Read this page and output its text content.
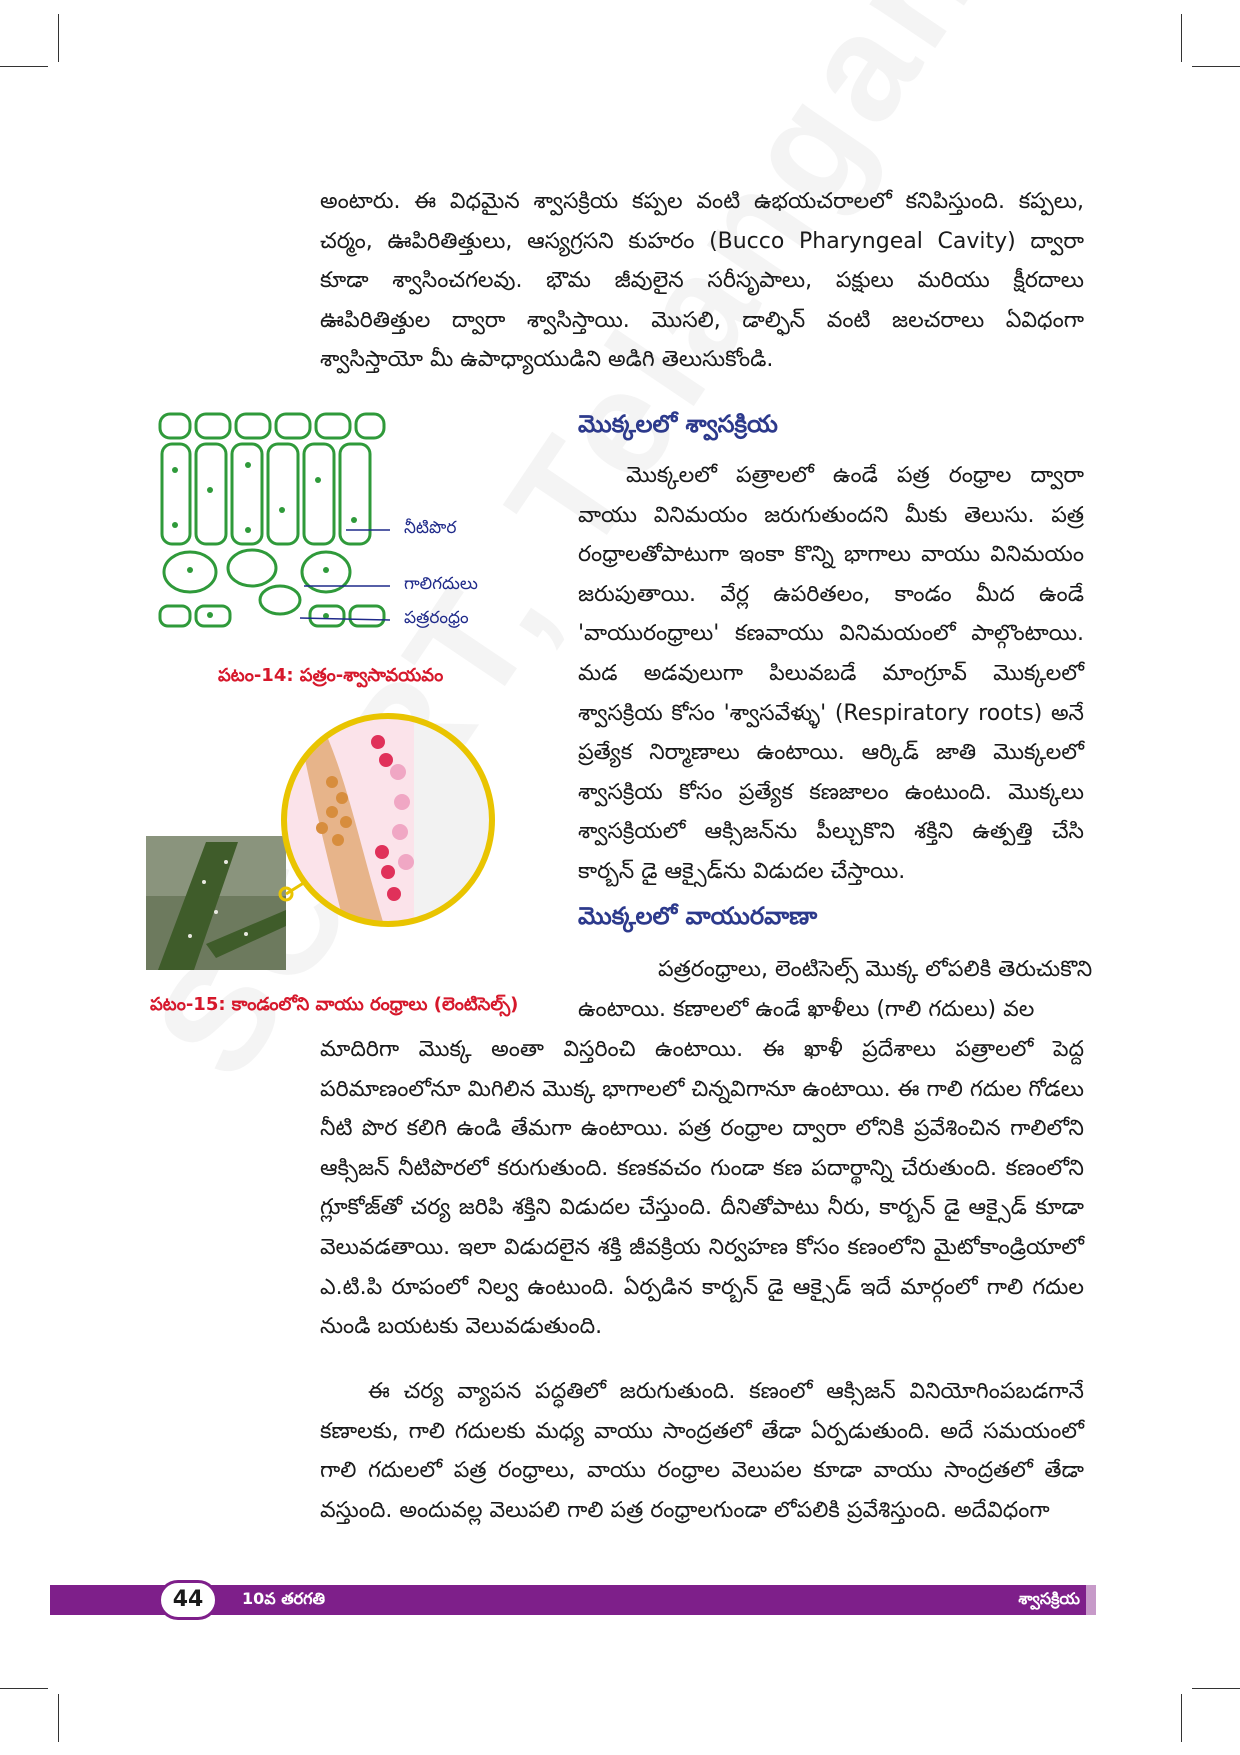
అంటారు. ఈ విధమైన శ్వాసక్రియ కప్పల వంటి ఉభయచరాలలో కనిపిస్తుంది. కప్పలు, చర్మం, ఊపిరితిత్తులు, ఆస్యగ్రసని కుహరం (Bucco Pharyngeal Cavity) ద్వారా కూడా శ్వాసించగలవు. భౌమ జీవులైన సరీసృపాలు, పక్షులు మరియు క్షీరదాలు ఊపిరితిత్తుల ద్వారా శ్వాసిస్తాయి. మొసలి, డాల్ఫిన్ వంటి జలచరాలు ఏవిధంగా శ్వాసిస్తాయో మీ ఉపాధ్యాయుడిని అడిగి తెలుసుకోండి.

నీటిపొర
గాలిగదులు
పత్రరంధ్రం
పటం-14: పత్రం-శ్వాసావయవం
పటం-15: కాండంలోని వాయు రంధ్రాలు (లెంటిసెల్స్)
మొక్కలలో శ్వాసక్రియ

మొక్కలలో పత్రాలలో ఉండే పత్ర రంధ్రాల ద్వారా వాయు వినిమయం జరుగుతుందని మీకు తెలుసు. పత్ర రంధ్రాలతోపాటుగా ఇంకా కొన్ని భాగాలు వాయు వినిమయం జరుపుతాయి. వేర్ల ఉపరితలం, కాండం మీద ఉండే 'వాయురంధ్రాలు' కణవాయు వినిమయంలో పాల్గొంటాయి. మడ అడవులుగా పిలువబడే మాంగ్రూవ్ మొక్కలలో శ్వాసక్రియ కోసం 'శ్వాసవేళ్ళు' (Respiratory roots) అనే ప్రత్యేక నిర్మాణాలు ఉంటాయి. ఆర్కిడ్ జాతి మొక్కలలో శ్వాసక్రియ కోసం ప్రత్యేక కణజాలం ఉంటుంది. మొక్కలు శ్వాసక్రియలో ఆక్సిజన్‌ను పీల్చుకొని శక్తిని ఉత్పత్తి చేసి కార్బన్ డై ఆక్సైడ్‌ను విడుదల చేస్తాయి.

మొక్కలలో వాయురవాణా
పత్రరంధ్రాలు, లెంటిసెల్స్ మొక్క లోపలికి తెరుచుకొని
ఉంటాయి. కణాలలో ఉండే ఖాళీలు (గాలి గదులు) వల

మాదిరిగా మొక్క అంతా విస్తరించి ఉంటాయి. ఈ ఖాళీ ప్రదేశాలు పత్రాలలో పెద్ద పరిమాణంలోనూ మిగిలిన మొక్క భాగాలలో చిన్నవిగానూ ఉంటాయి. ఈ గాలి గదుల గోడలు నీటి పొర కలిగి ఉండి తేమగా ఉంటాయి. పత్ర రంధ్రాల ద్వారా లోనికి ప్రవేశించిన గాలిలోని ఆక్సిజన్ నీటిపొరలో కరుగుతుంది. కణకవచం గుండా కణ పదార్థాన్ని చేరుతుంది. కణంలోని గ్లూకోజ్‌తో చర్య జరిపి శక్తిని విడుదల చేస్తుంది. దీనితోపాటు నీరు, కార్బన్ డై ఆక్సైడ్ కూడా వెలువడతాయి. ఇలా విడుదలైన శక్తి జీవక్రియ నిర్వహణ కోసం కణంలోని మైటోకాండ్రియాలో ఎ.టి.పి రూపంలో నిల్వ ఉంటుంది. ఏర్పడిన కార్బన్ డై ఆక్సైడ్ ఇదే మార్గంలో గాలి గదుల నుండి బయటకు వెలువడుతుంది.

ఈ చర్య వ్యాపన పద్ధతిలో జరుగుతుంది. కణంలో ఆక్సిజన్ వినియోగింపబడగానే కణాలకు, గాలి గదులకు మధ్య వాయు సాంద్రతలో తేడా ఏర్పడుతుంది. అదే సమయంలో గాలి గదులలో పత్ర రంధ్రాలు, వాయు రంధ్రాల వెలుపల కూడా వాయు సాంద్రతలో తేడా వస్తుంది. అందువల్ల వెలుపలి గాలి పత్ర రంధ్రాలగుండా లోపలికి ప్రవేశిస్తుంది. అదేవిధంగా

44	10వ తరగతి	శ్వాసక్రియ
